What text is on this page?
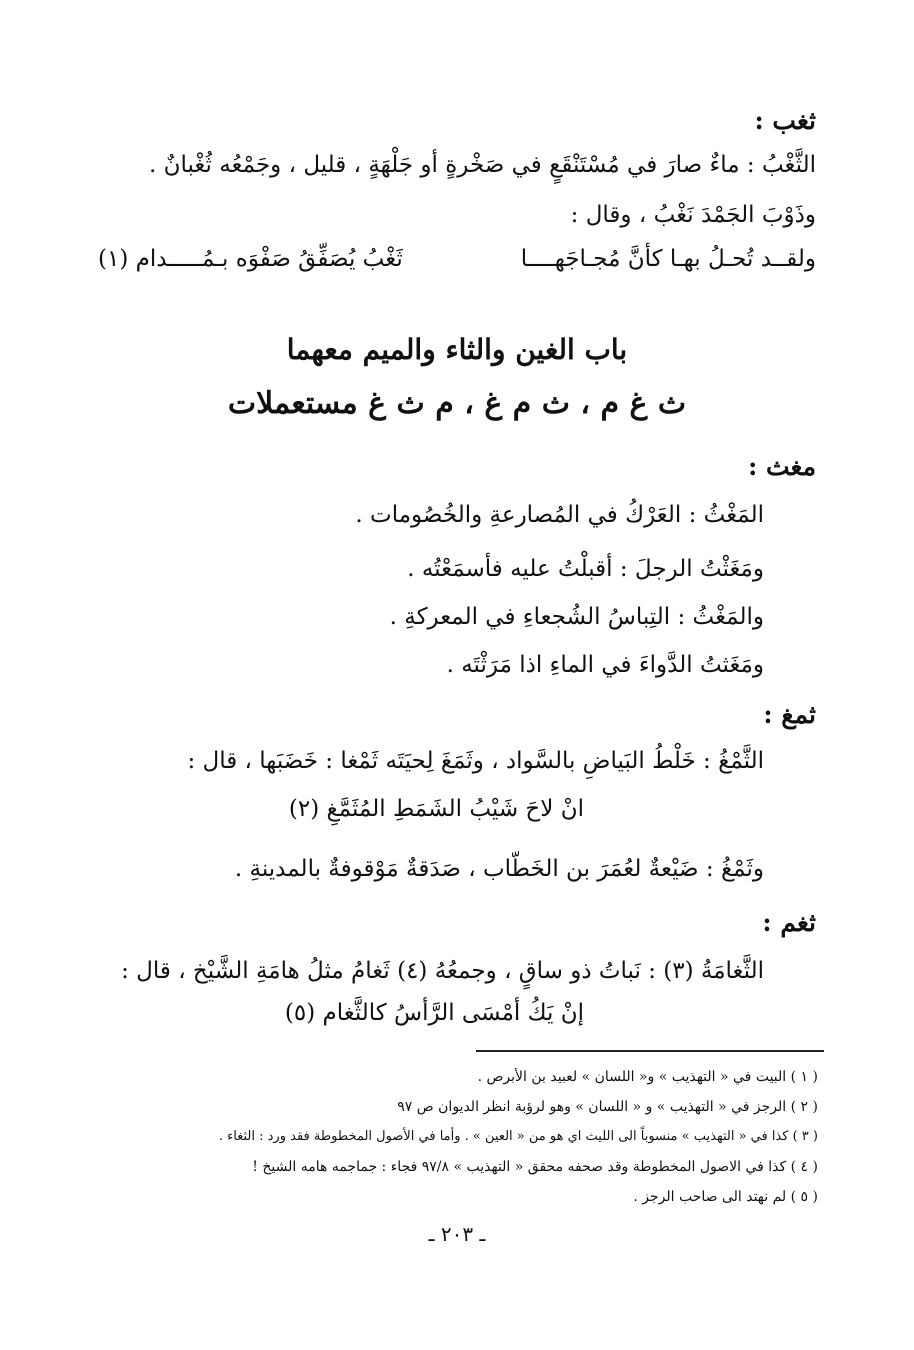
ثغب :
الثَّغْبُ : ماءٌ صارَ في مُسْتَنْقَعٍ في صَخْرةٍ أو جَلْهَةٍ ، قليل ، وجَمْعُه ثُغْبانٌ .
وذَوْبَ الجَمْدَ نَغْبُ ، وقال :
ولقــد تُحـلُ بهـا كأنَّ مُجـاجَهــــا
ثَغْبُ يُصَفِّقُ صَفْوَه بـمُـــــدام (١)
باب الغين والثاء والميم معهما
ث غ م ، ث م غ ، م ث غ مستعملات
مغث :
المَغْثُ : العَرْكُ في المُصارعةِ والخُصُومات .
ومَغَثْتُ الرجلَ : أقبلْتُ عليه فأسمَعْتُه .
والمَغْثُ : التِباسُ الشُجعاءِ في المعركةِ .
ومَغَثتُ الدَّواءَ في الماءِ اذا مَرَثْتَه .
ثمغ :
الثَّمْغُ : خَلْطُ البَياضِ بالسَّواد ، وثَمَغَ لِحيَتَه ثَمْغا : خَضَبَها ، قال :
انْ لاحَ شَيْبُ الشَمَطِ المُثَمَّغِ (٢)
وثَمْغُ : ضَيْعةٌ لعُمَرَ بن الخَطّاب ، صَدَقةٌ مَوْقوفةٌ بالمدينةِ .
ثغم :
الثَّغامَةُ (٣) : نَباتُ ذو ساقٍ ، وجمعُهُ (٤) ثَغامُ مثلُ هامَةِ الشَّيْخ ، قال :
إنْ يَكُ أمْسَى الرَّأسُ كالثَّغام (٥)
( ١ ) البيت في « التهذيب » و« اللسان » لعبيد بن الأبرص .
( ٢ ) الرجز في « التهذيب » و « اللسان » وهو لرؤبة انظر الديوان ص ٩٧
( ٣ ) كذا في « التهذيب » منسوباً الى الليث اي هو من « العين » . وأما في الأصول المخطوطة فقد ورد : الثغاء .
( ٤ ) كذا في الاصول المخطوطة وقد صحفه محقق « التهذيب » ٩٧/٨ فجاء : جماجمه هامه الشيخ !
( ٥ ) لم نهتد الى صاحب الرجز .
ـ ٢٠٣ ـ
